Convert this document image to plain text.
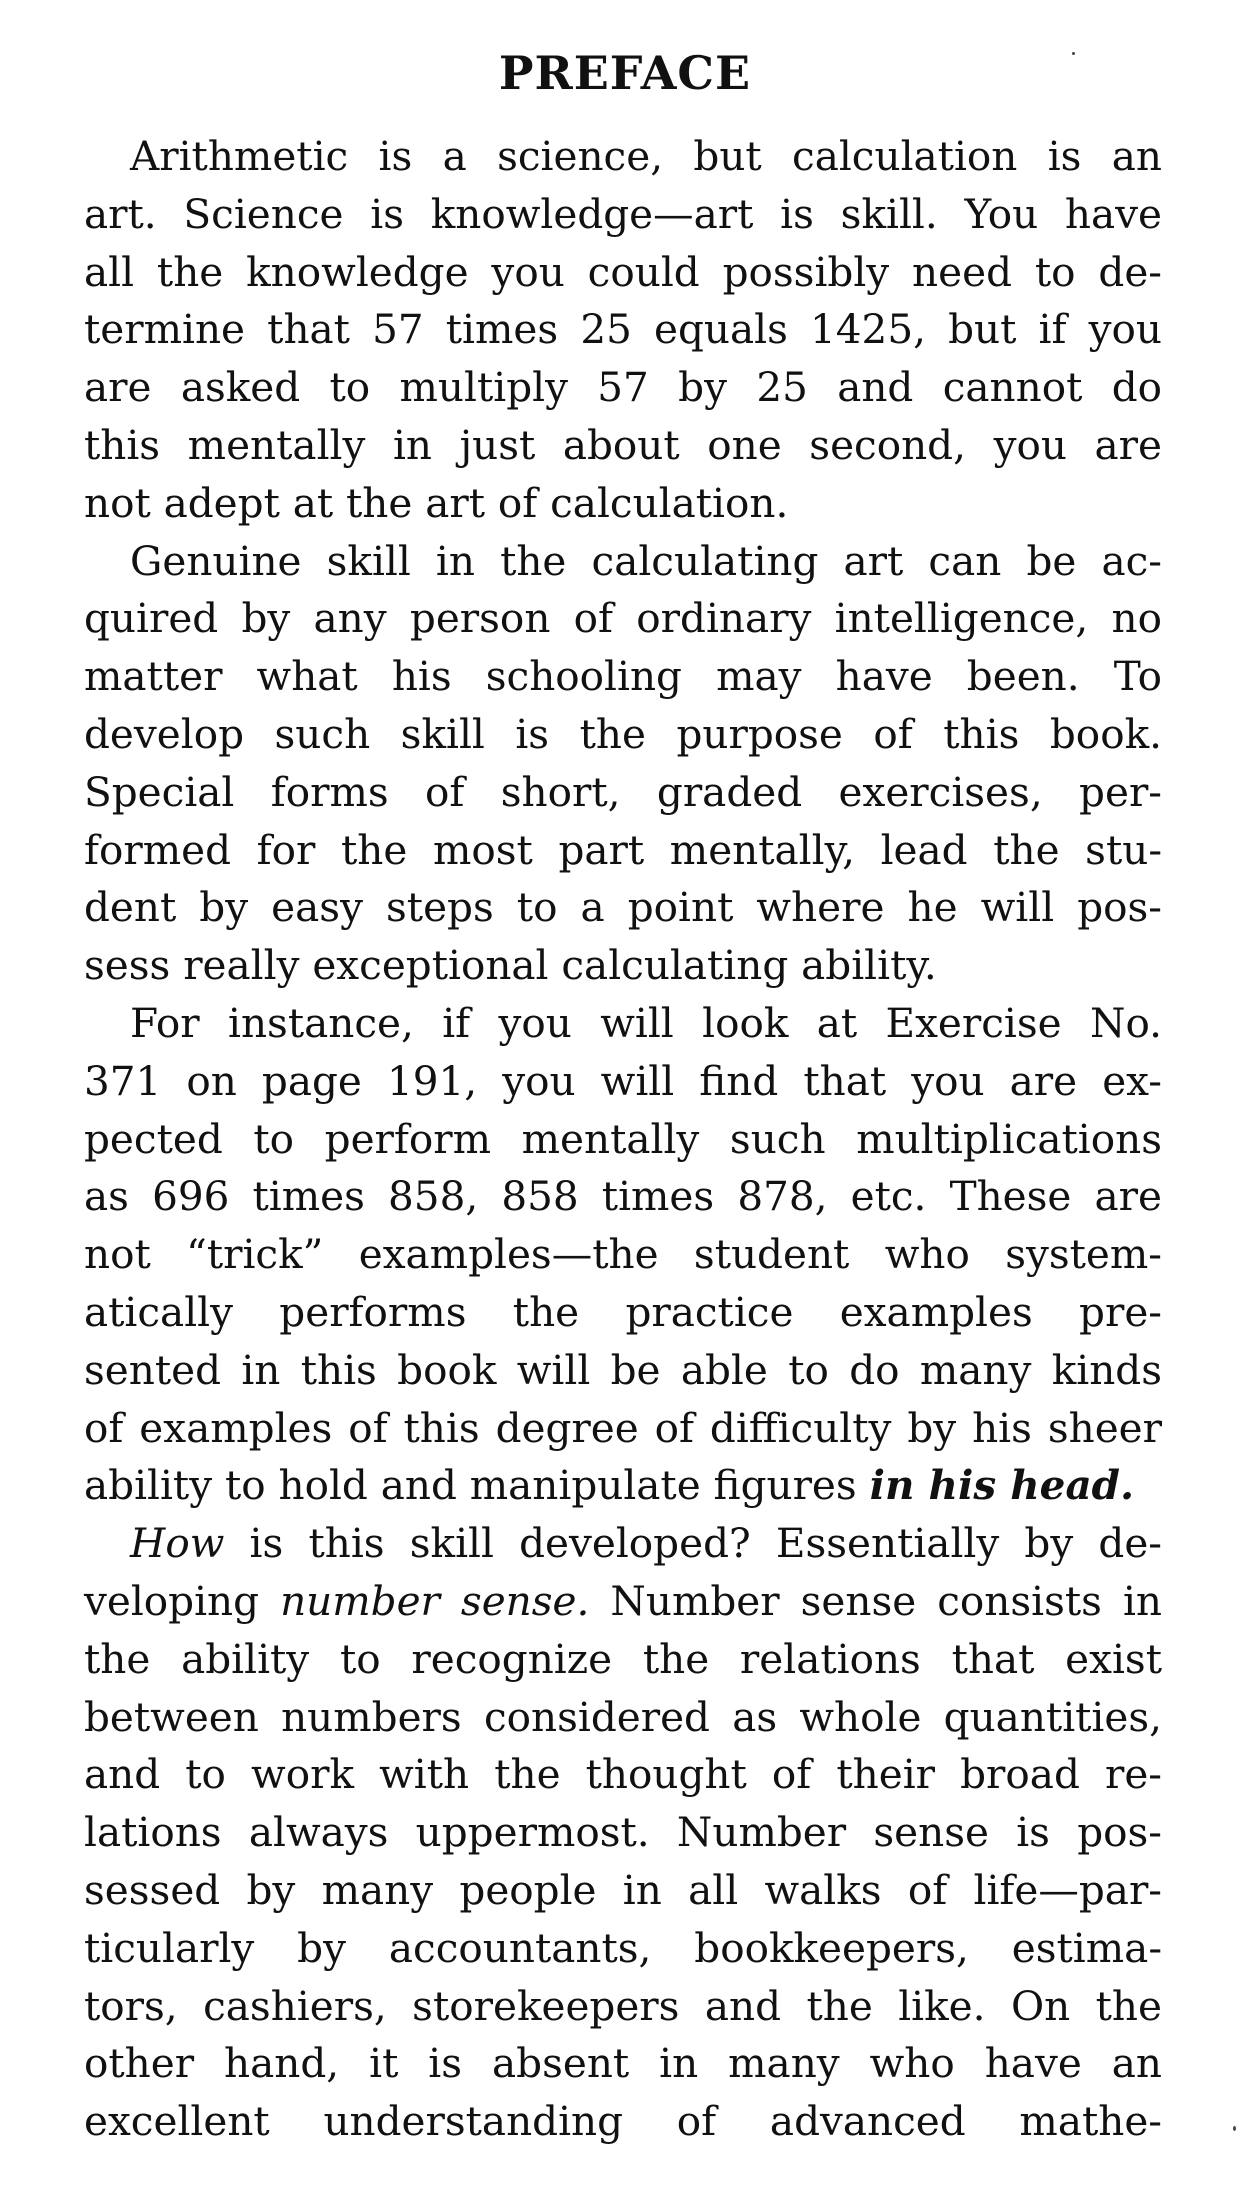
PREFACE
Arithmetic is a science, but calculation is an
art. Science is knowledge—art is skill. You have
all the knowledge you could possibly need to de-
termine that 57 times 25 equals 1425, but if you
are asked to multiply 57 by 25 and cannot do
this mentally in just about one second, you are
not adept at the art of calculation.
Genuine skill in the calculating art can be ac-
quired by any person of ordinary intelligence, no
matter what his schooling may have been. To
develop such skill is the purpose of this book.
Special forms of short, graded exercises, per-
formed for the most part mentally, lead the stu-
dent by easy steps to a point where he will pos-
sess really exceptional calculating ability.
For instance, if you will look at Exercise No.
371 on page 191, you will find that you are ex-
pected to perform mentally such multiplications
as 696 times 858, 858 times 878, etc. These are
not “trick” examples—the student who system-
atically performs the practice examples pre-
sented in this book will be able to do many kinds
of examples of this degree of difficulty by his sheer
ability to hold and manipulate figures in his head.
How is this skill developed? Essentially by de-
veloping number sense. Number sense consists in
the ability to recognize the relations that exist
between numbers considered as whole quantities,
and to work with the thought of their broad re-
lations always uppermost. Number sense is pos-
sessed by many people in all walks of life—par-
ticularly by accountants, bookkeepers, estima-
tors, cashiers, storekeepers and the like. On the
other hand, it is absent in many who have an
excellent understanding of advanced mathe-
